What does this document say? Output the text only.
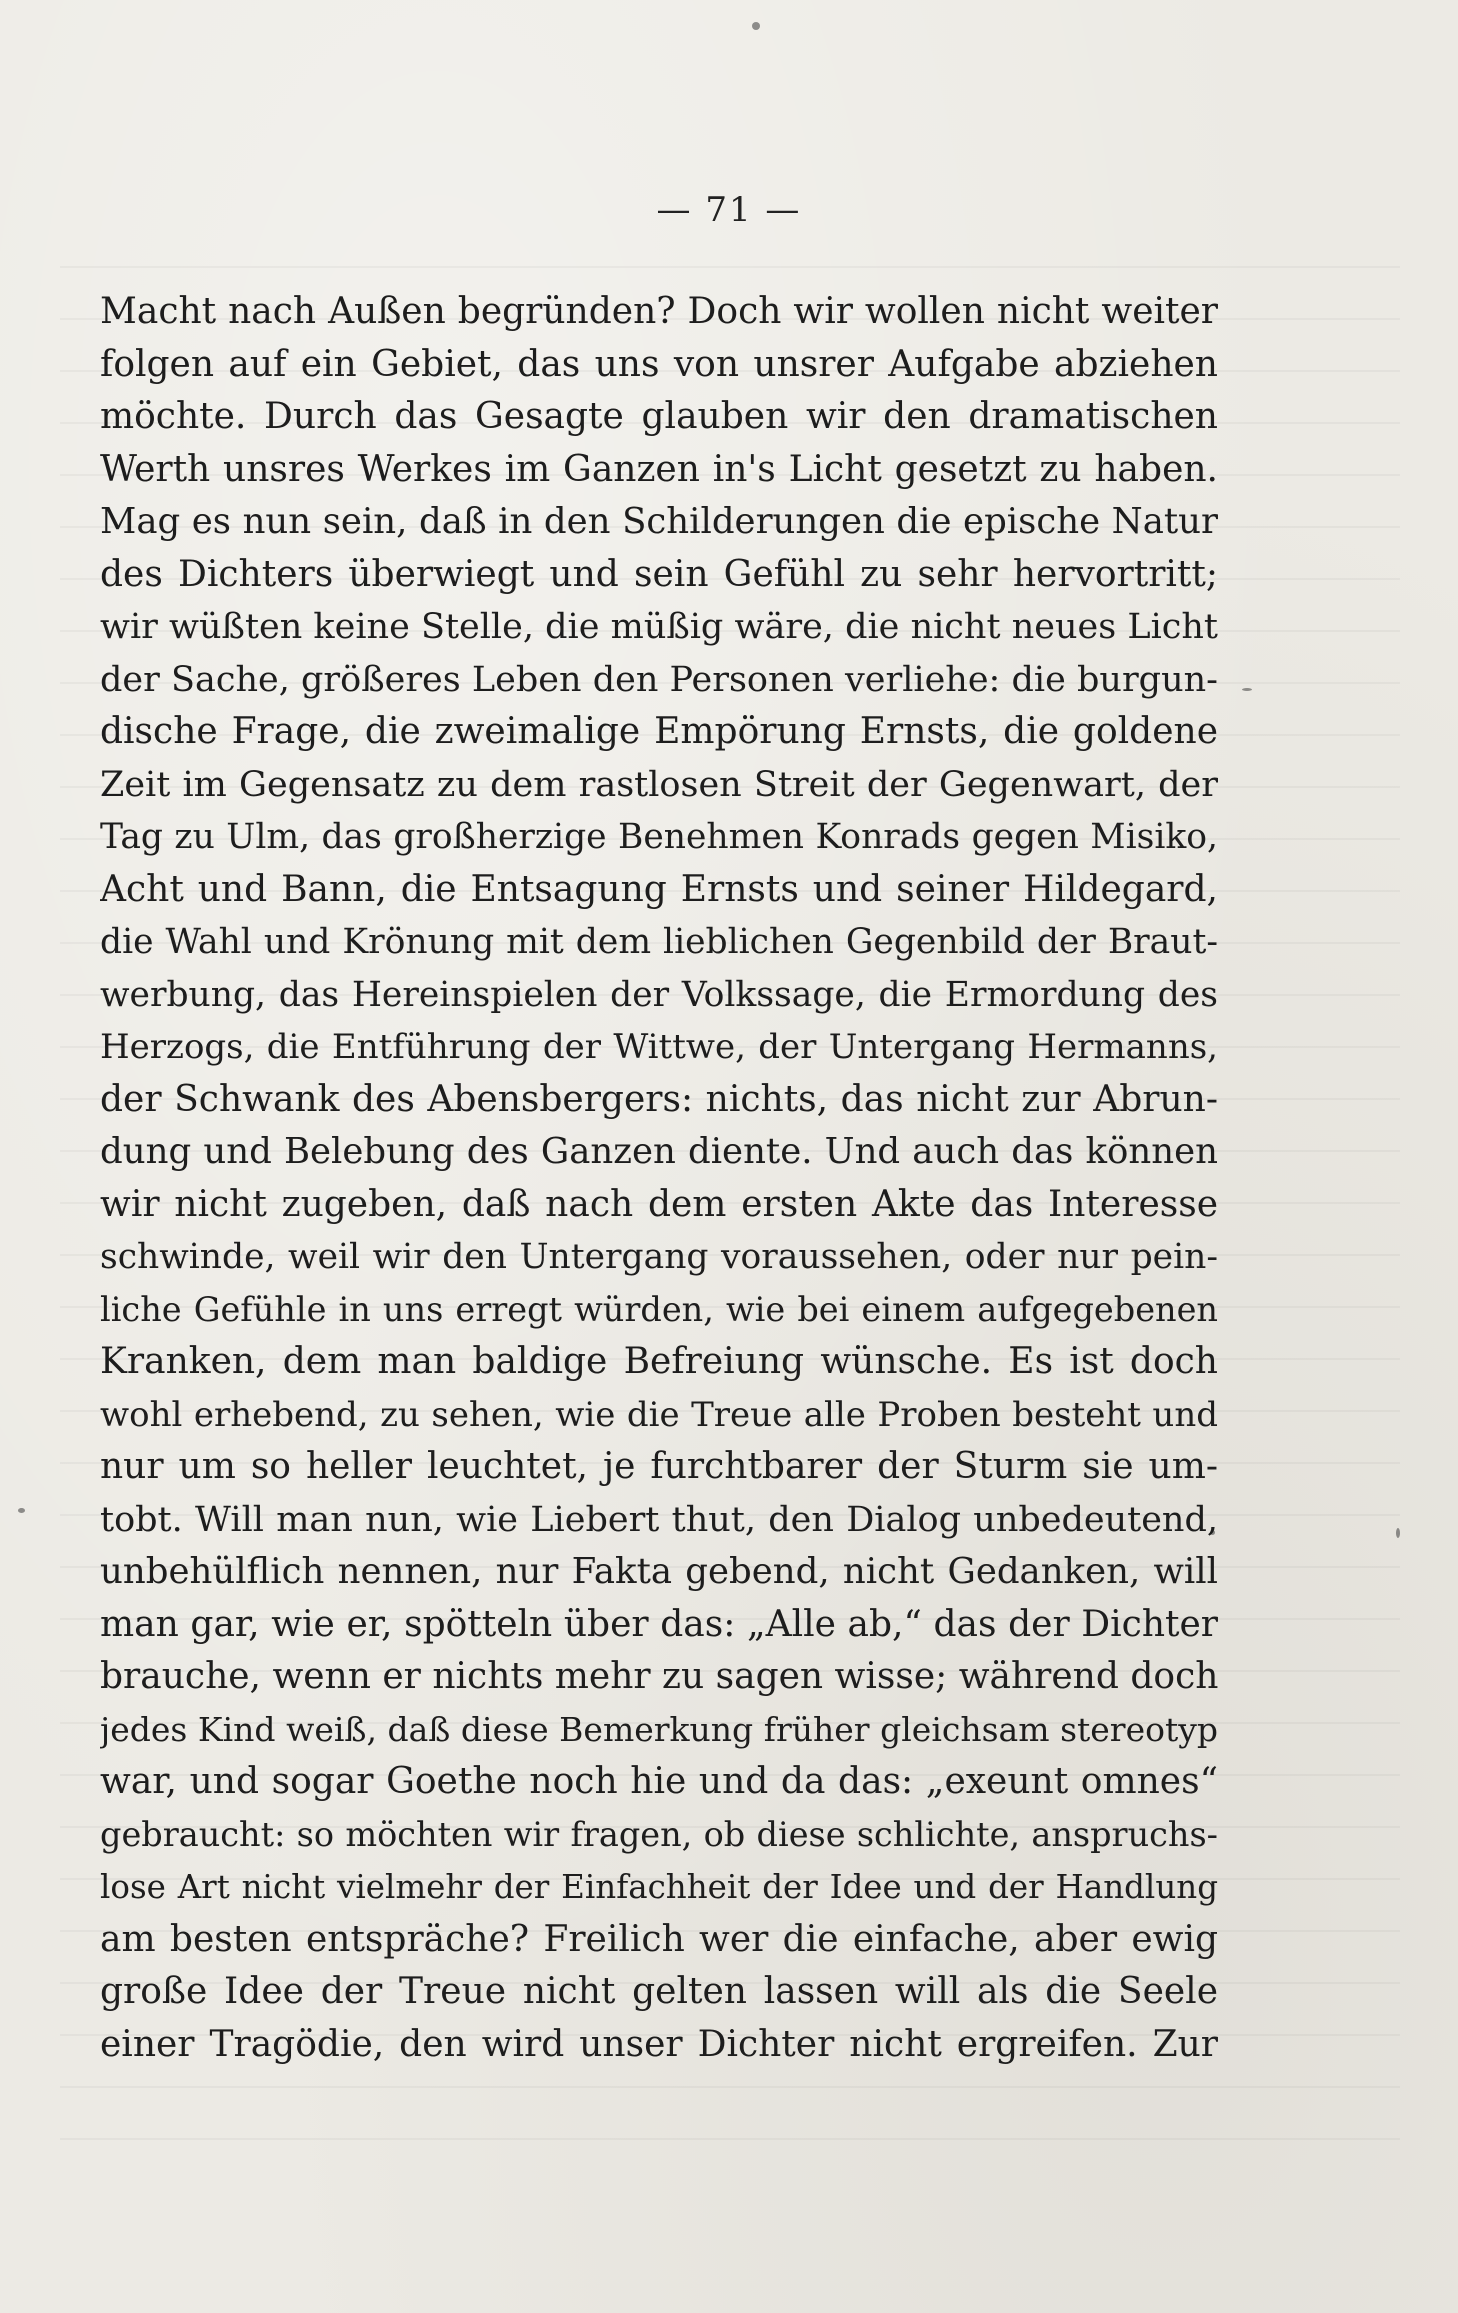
— 71 —
Macht nach Außen begründen? Doch wir wollen nicht weiter
folgen auf ein Gebiet, das uns von unsrer Aufgabe abziehen
möchte. Durch das Gesagte glauben wir den dramatischen
Werth unsres Werkes im Ganzen in's Licht gesetzt zu haben.
Mag es nun sein, daß in den Schilderungen die epische Natur
des Dichters überwiegt und sein Gefühl zu sehr hervortritt;
wir wüßten keine Stelle, die müßig wäre, die nicht neues Licht
der Sache, größeres Leben den Personen verliehe: die burgun-
dische Frage, die zweimalige Empörung Ernsts, die goldene
Zeit im Gegensatz zu dem rastlosen Streit der Gegenwart, der
Tag zu Ulm, das großherzige Benehmen Konrads gegen Misiko,
Acht und Bann, die Entsagung Ernsts und seiner Hildegard,
die Wahl und Krönung mit dem lieblichen Gegenbild der Braut-
werbung, das Hereinspielen der Volkssage, die Ermordung des
Herzogs, die Entführung der Wittwe, der Untergang Hermanns,
der Schwank des Abensbergers: nichts, das nicht zur Abrun-
dung und Belebung des Ganzen diente. Und auch das können
wir nicht zugeben, daß nach dem ersten Akte das Interesse
schwinde, weil wir den Untergang voraussehen, oder nur pein-
liche Gefühle in uns erregt würden, wie bei einem aufgegebenen
Kranken, dem man baldige Befreiung wünsche. Es ist doch
wohl erhebend, zu sehen, wie die Treue alle Proben besteht und
nur um so heller leuchtet, je furchtbarer der Sturm sie um-
tobt. Will man nun, wie Liebert thut, den Dialog unbedeutend,
unbehülflich nennen, nur Fakta gebend, nicht Gedanken, will
man gar, wie er, spötteln über das: „Alle ab,“ das der Dichter
brauche, wenn er nichts mehr zu sagen wisse; während doch
jedes Kind weiß, daß diese Bemerkung früher gleichsam stereotyp
war, und sogar Goethe noch hie und da das: „exeunt omnes“
gebraucht: so möchten wir fragen, ob diese schlichte, anspruchs-
lose Art nicht vielmehr der Einfachheit der Idee und der Handlung
am besten entspräche? Freilich wer die einfache, aber ewig
große Idee der Treue nicht gelten lassen will als die Seele
einer Tragödie, den wird unser Dichter nicht ergreifen. Zur
